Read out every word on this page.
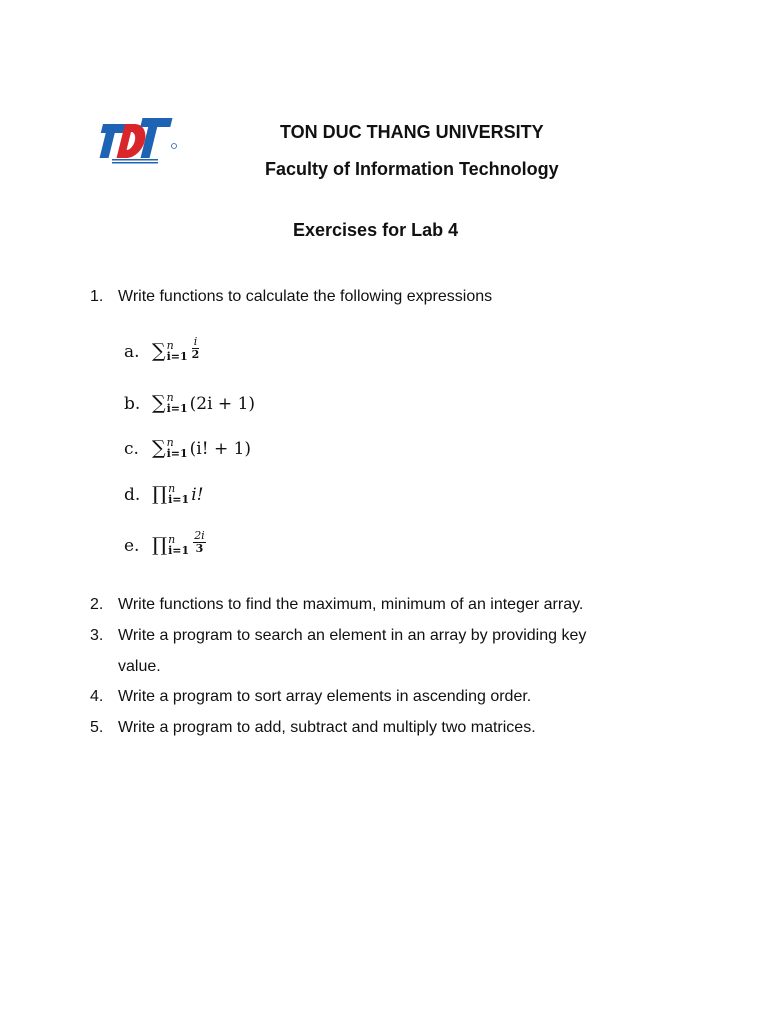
TON DUC THANG UNIVERSITY
Faculty of Information Technology
Exercises for Lab 4
1. Write functions to calculate the following expressions
a. ∑ n
$i=1 \frac{i}{2}$
b. ∑ n
i=1 (2i + 1)
c. ∑ n
i=1 (i! + 1)
d. ∏ n
i=1 i!
e. ∏ n
$i=1 \frac{2i}{3}$
2. Write functions to find the maximum, minimum of an integer array.
3. Write a program to search an element in an array by providing key
value.
4. Write a program to sort array elements in ascending order.
5. Write a program to add, subtract and multiply two matrices.
